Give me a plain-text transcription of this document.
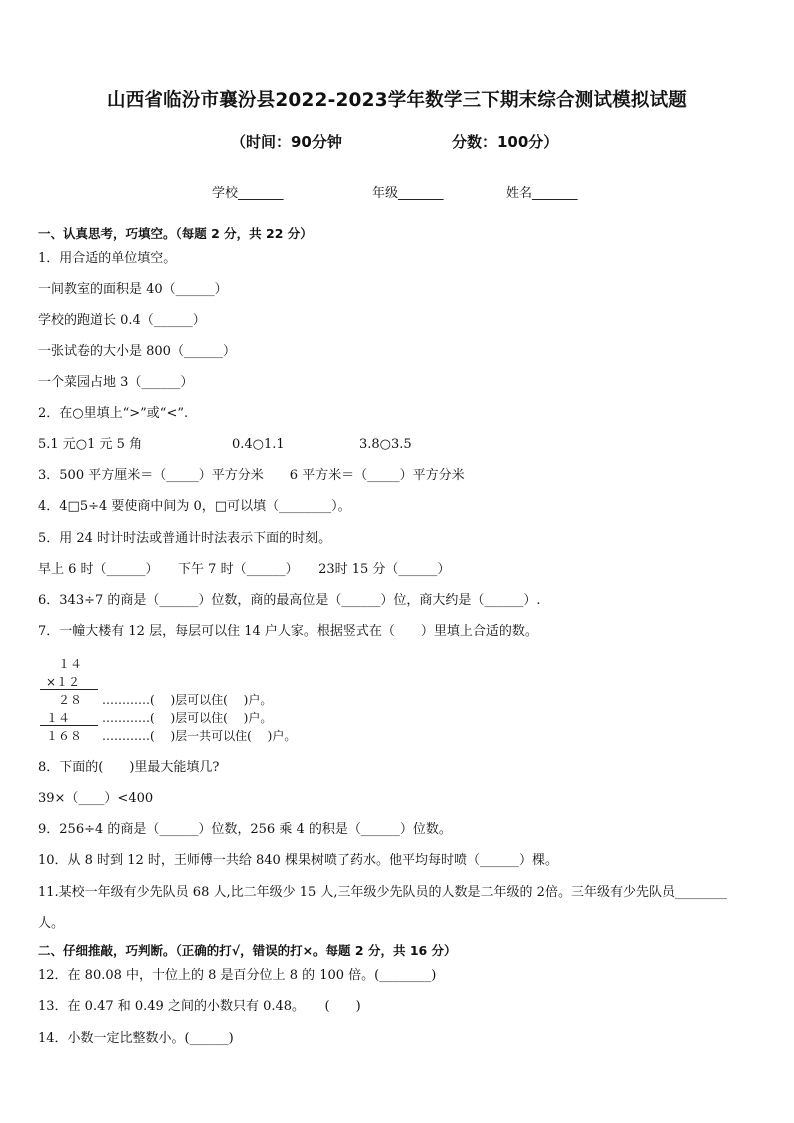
山西省临汾市襄汾县2022-2023学年数学三下期末综合测试模拟试题
（时间：90分钟	分数：100分）
学校_______	年级_______	姓名_______
一、认真思考，巧填空。（每题 2 分，共 22 分）
1．用合适的单位填空。
一间教室的面积是 40（______）
学校的跑道长 0.4（______）
一张试卷的大小是 800（______）
一个菜园占地 3（______）
2．在○里填上“>”或“<”.
5.1 元○1 元 5 角	0.4○1.1	3.8○3.5
3．500 平方厘米＝（_____）平方分米　　6 平方米＝（_____）平方分米
4．4□5÷4 要使商中间为 0，□可以填（________）。
5．用 24 时计时法或普通计时法表示下面的时刻。
早上 6 时（______）　　下午 7 时（______）　　23时 15 分（______）
6．343÷7 的商是（______）位数，商的最高位是（______）位，商大约是（______）.
7．一幢大楼有 12 层，每层可以住 14 户人家。根据竖式在（　　）里填上合适的数。
１４
×１２
２８ …………(　 )层可以住(　 )户。
１４	…………(　 )层可以住(　 )户。
１６８ …………(　 )层一共可以住(　 )户。
8．下面的(　　)里最大能填几?
39×（____）<400
9．256÷4 的商是（______）位数，256 乘 4 的积是（______）位数。
10．从 8 时到 12 时，王师傅一共给 840 棵果树喷了药水。他平均每时喷（______）棵。
11.某校一年级有少先队员 68 人,比二年级少 15 人,三年级少先队员的人数是二年级的 2倍。三年级有少先队员________
人。
二、仔细推敲，巧判断。（正确的打√，错误的打×。每题 2 分，共 16 分）
12．在 80.08 中，十位上的 8 是百分位上 8 的 100 倍。(________)
13．在 0.47 和 0.49 之间的小数只有 0.48。　　(　　)
14．小数一定比整数小。(______)
